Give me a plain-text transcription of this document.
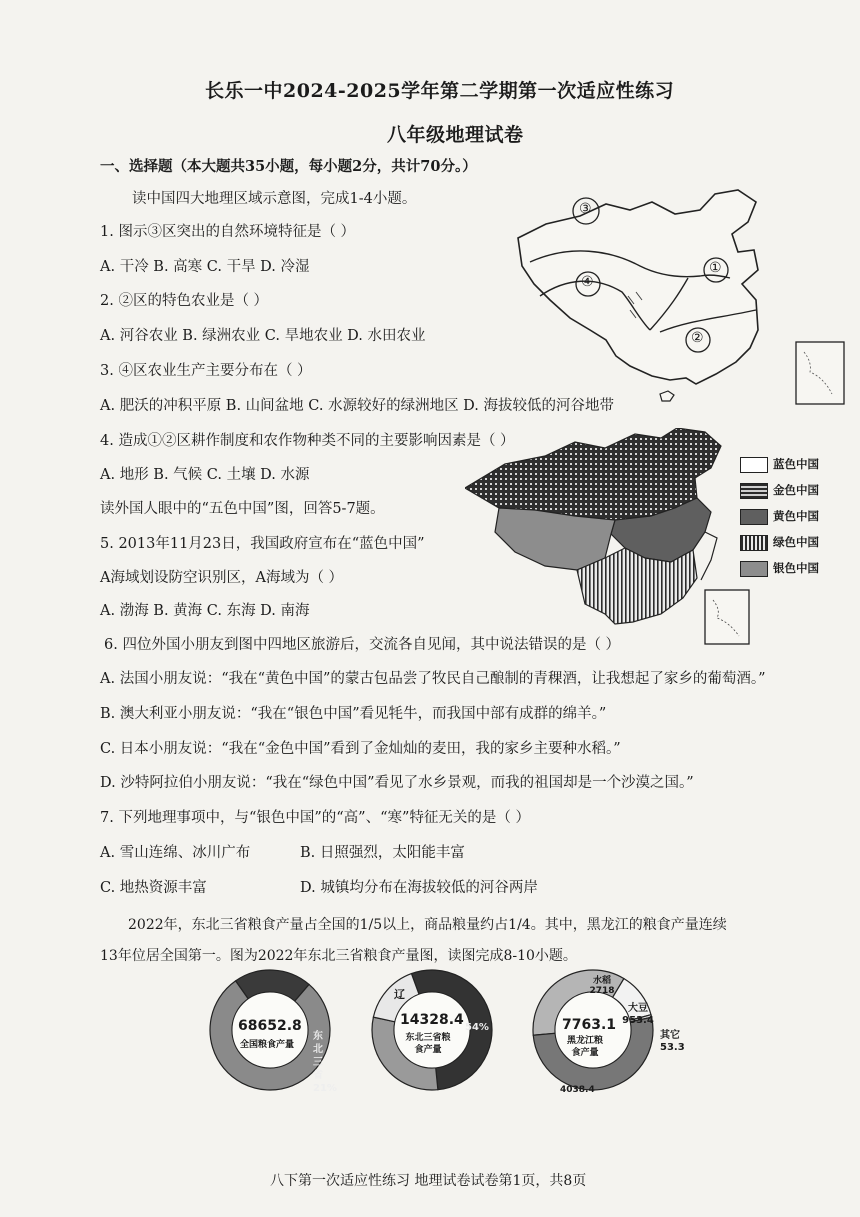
长乐一中2024-2025学年第二学期第一次适应性练习
八年级地理试卷
一、选择题（本大题共35小题，每小题2分，共计70分。）
读中国四大地理区域示意图，完成1-4小题。
1. 图示③区突出的自然环境特征是（ ）
A. 干冷 B. 高寒 C. 干旱 D. 冷湿
2. ②区的特色农业是（ ）
A. 河谷农业 B. 绿洲农业 C. 旱地农业 D. 水田农业
3. ④区农业生产主要分布在（ ）
A. 肥沃的冲积平原 B. 山间盆地 C. 水源较好的绿洲地区 D. 海拔较低的河谷地带
4. 造成①②区耕作制度和农作物种类不同的主要影响因素是（ ）
A. 地形 B. 气候 C. 土壤 D. 水源
读外国人眼中的“五色中国”图，回答5-7题。
5. 2013年11月23日，我国政府宣布在“蓝色中国”
A海域划设防空识别区，A海域为（ ）
A. 渤海 B. 黄海 C. 东海 D. 南海
6. 四位外国小朋友到图中四地区旅游后，交流各自见闻，其中说法错误的是（ ）
A. 法国小朋友说：“我在“黄色中国”的蒙古包品尝了牧民自己酿制的青稞酒，让我想起了家乡的葡萄酒。”
B. 澳大利亚小朋友说：“我在“银色中国”看见牦牛，而我国中部有成群的绵羊。”
C. 日本小朋友说：“我在“金色中国”看到了金灿灿的麦田，我的家乡主要种水稻。”
D. 沙特阿拉伯小朋友说：“我在“绿色中国”看见了水乡景观，而我的祖国却是一个沙漠之国。”
7. 下列地理事项中，与“银色中国”的“高”、“寒”特征无关的是（ ）
A. 雪山连绵、冰川广布	B. 日照强烈，太阳能丰富
C. 地热资源丰富	D. 城镇均分布在海拔较低的河谷两岸
2022年，东北三省粮食产量占全国的1/5以上，商品粮量约占1/4。其中，黑龙江的粮食产量连续
13年位居全国第一。图为2022年东北三省粮食产量图，读图完成8-10小题。
③
①
④
②
蓝色中国
金色中国
黄色中国
绿色中国
银色中国
68652.8
全国粮食产量
东北三省 21%
14328.4
东北三省粮食产量
54%
辽
7763.1
黑龙江粮食产量
水稻 2718
大豆 953.4
其它 53.3
4038.4
八下第一次适应性练习 地理试卷试卷第1页，共8页
